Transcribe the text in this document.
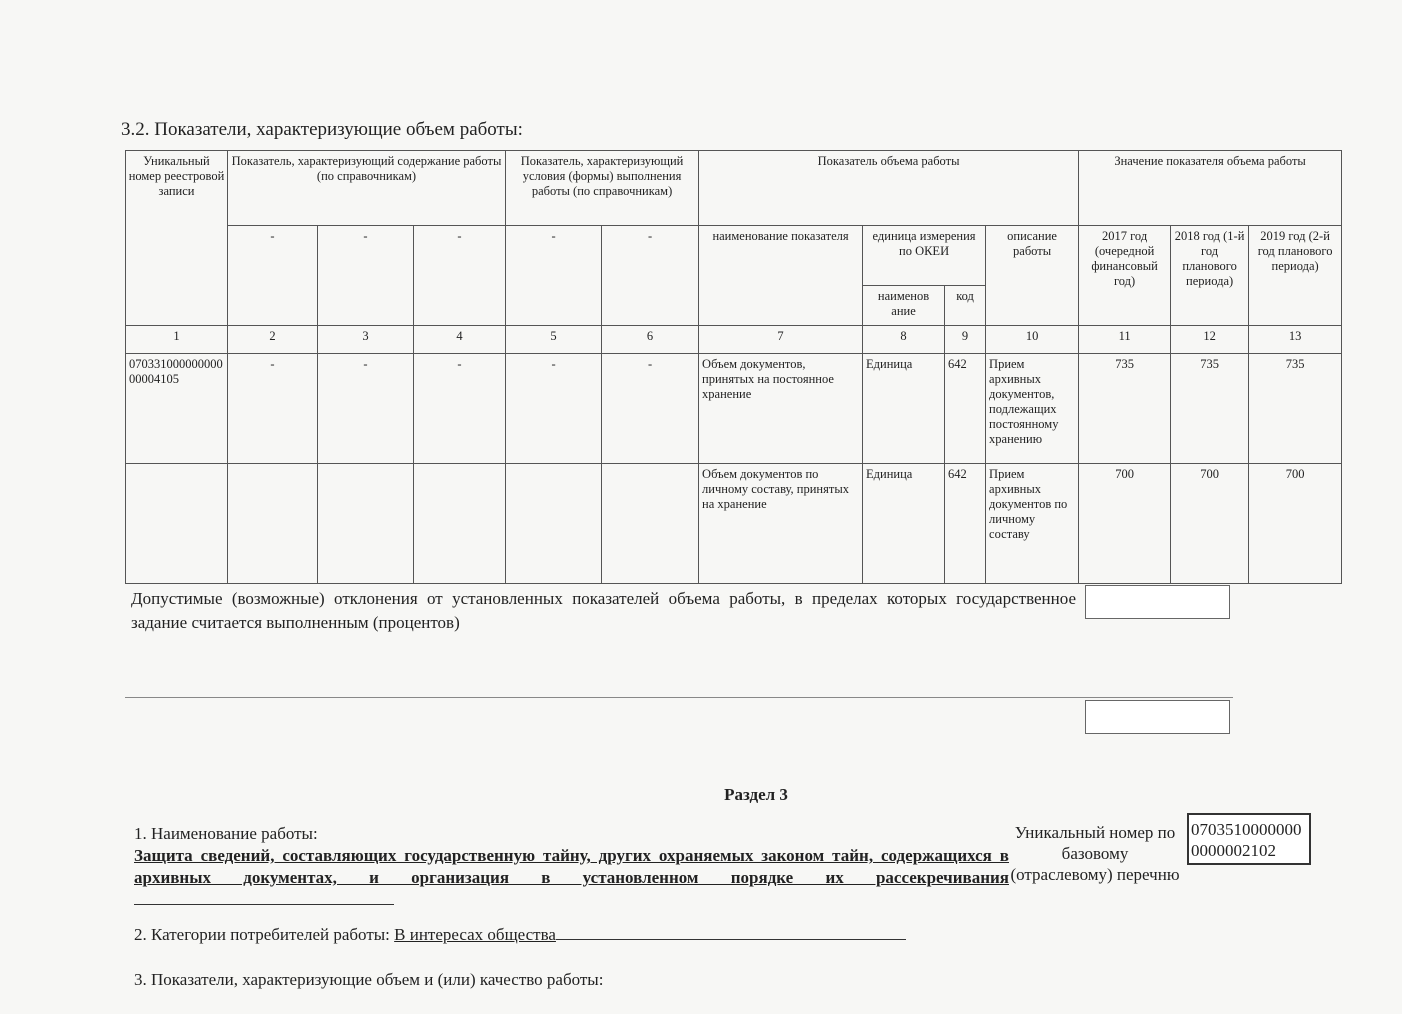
3.2. Показатели, характеризующие объем работы:
Уникальный номер реестровой записи	Показатель, характеризующий содержание работы (по справочникам)			Показатель, характеризующий условия (формы) выполнения работы (по справочникам)		Показатель объема работы				Значение показателя объема работы		
	-	-	-	-	-	наименование показателя	единица измерения по ОКЕИ		описание работы	2017 год (очередной финансовый год)	2018 год (1-й год планового периода)	2019 год (2-й год планового периода)
							наименов ание	код				
1	2	3	4	5	6	7	8	9	10	11	12	13
07033100000000000004105	-	-	-	-	-	Объем документов, принятых на постоянное хранение	Единица	642	Прием архивных документов, подлежащих постоянному хранению	735	735	735
						Объем документов по личному составу, принятых на хранение	Единица	642	Прием архивных документов по личному составу	700	700	700
Допустимые (возможные) отклонения от установленных показателей объема работы, в пределах которых государственное задание считается выполненным (процентов)
Раздел 3
1. Наименование работы:
Защита сведений, составляющих государственную тайну, других охраняемых законом тайн, содержащихся в архивных документах, и организация в установленном порядке их рассекречивания
2. Категории потребителей работы: В интересах общества
3. Показатели, характеризующие объем и (или) качество работы:
Уникальный номер по базовому (отраслевому) перечню
07035100000000000002102
